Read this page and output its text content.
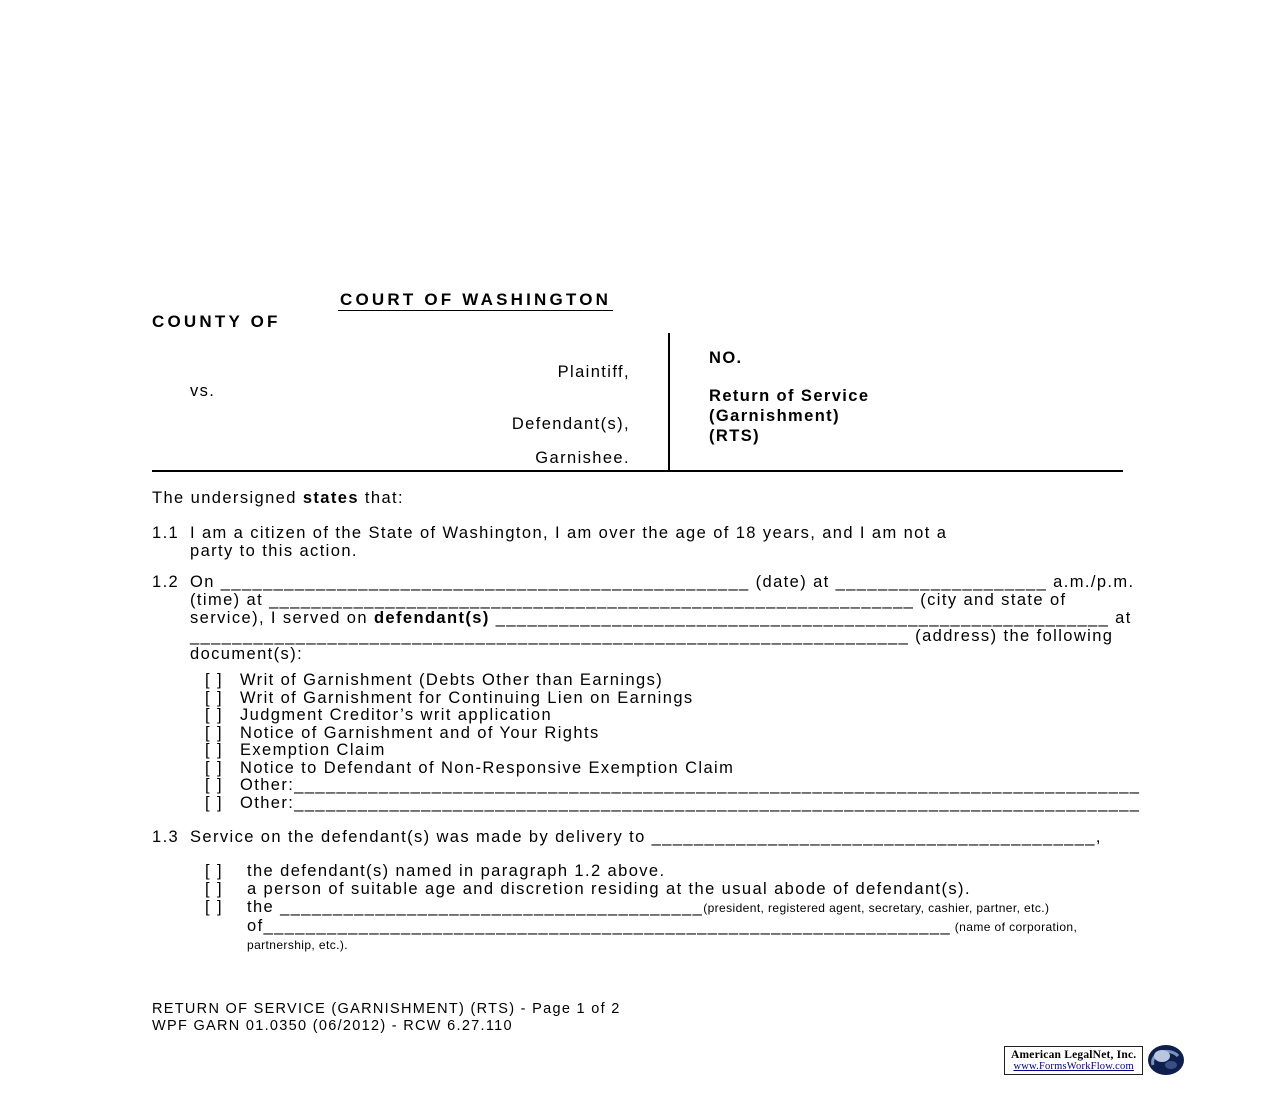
COURT OF WASHINGTON
COUNTY OF
Plaintiff,
vs.
Defendant(s),
Garnishee.
NO.
Return of Service
(Garnishment)
(RTS)

The undersigned states that:

1.1 I am a citizen of the State of Washington, I am over the age of 18 years, and I am not a
party to this action.
1.2 On __________________________________________________ (date) at ____________________ a.m./p.m.
(time) at _____________________________________________________________ (city and state of
service), I served on defendant(s) __________________________________________________________ at
____________________________________________________________________ (address) the following
document(s):
[ ] Writ of Garnishment (Debts Other than Earnings)
[ ] Writ of Garnishment for Continuing Lien on Earnings
[ ] Judgment Creditor’s writ application
[ ] Notice of Garnishment and of Your Rights
[ ] Exemption Claim
[ ] Notice to Defendant of Non-Responsive Exemption Claim
[ ] Other:________________________________________________________________________________
[ ] Other:________________________________________________________________________________
1.3 Service on the defendant(s) was made by delivery to __________________________________________,
[ ]	the defendant(s) named in paragraph 1.2 above.
[ ]	a person of suitable age and discretion residing at the usual abode of defendant(s).
[ ]	the ________________________________________(president, registered agent, secretary, cashier, partner, etc.)
of_________________________________________________________________ (name of corporation,
partnership, etc.).
RETURN OF SERVICE (GARNISHMENT) (RTS) - Page 1 of 2
WPF GARN 01.0350 (06/2012) - RCW 6.27.110
American LegalNet, Inc.
www.FormsWorkFlow.com
